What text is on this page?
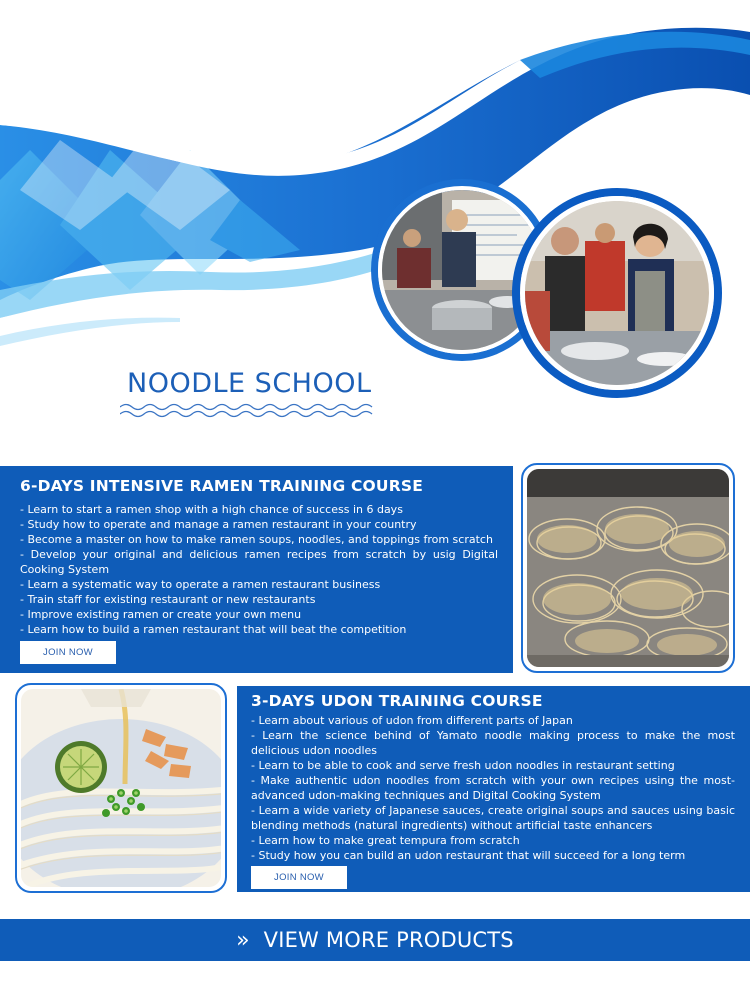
NOODLE SCHOOL
6-DAYS INTENSIVE RAMEN TRAINING COURSE
- Learn to start a ramen shop with a high chance of success in 6 days
- Study how to operate and manage a ramen restaurant in your country
- Become a master on how to make ramen soups, noodles, and toppings from scratch
- Develop your original and delicious ramen recipes from scratch by usig Digital Cooking System
- Learn a systematic way to operate a ramen restaurant business
- Train staff for existing restaurant or new restaurants
- Improve existing ramen or create your own menu
- Learn how to build a ramen restaurant that will beat the competition
JOIN NOW
3-DAYS UDON TRAINING COURSE
- Learn about various of udon from different parts of Japan
- Learn the science behind of Yamato noodle making process to make the most delicious udon noodles
- Learn to be able to cook and serve fresh udon noodles in restaurant setting
- Make authentic udon noodles from scratch with your own recipes using the most-advanced udon-making techniques and Digital Cooking System
- Learn a wide variety of Japanese sauces, create original soups and sauces using basic blending methods (natural ingredients) without artificial taste enhancers
- Learn how to make great tempura from scratch
- Study how you can build an udon restaurant that will succeed for a long term
JOIN NOW
» VIEW MORE PRODUCTS
